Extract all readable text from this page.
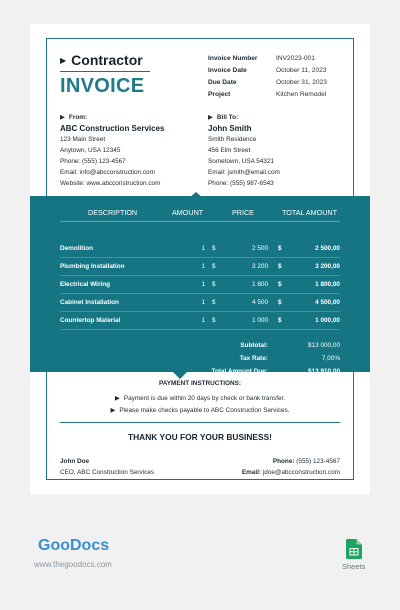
▶ Contractor
INVOICE
Invoice Number	INV2023-001
Invoice Date	October 11, 2023
Due Date	October 31, 2023
Project	Kitchen Remodel
▶ From:
ABC Construction Services
123 Main Street
Anytown, USA 12345
Phone: (555) 123-4567
Email: info@abcconstruction.com
Website: www.abcconstruction.com
▶ Bill To:
John Smith
Smith Residence
456 Elm Street
Sometown, USA 54321
Email: jsmith@email.com
Phone: (555) 987-6543
DESCRIPTION	AMOUNT	PRICE	TOTAL AMOUNT
Demolition	1 $	2 500 $	2 500,00
Plumbing Installation	1 $	3 200 $	3 200,00
Electrical Wiring	1 $	1 800 $	1 800,00
Cabinet Installation	1 $	4 500 $	4 500,00
Countertop Material	1 $	1 000 $	1 000,00
Subtotal:	$ 13 000,00
Tax Rate:	7,00%
Total Amount Due:	$ 13 910,00
PAYMENT INSTRUCTIONS:
▶ Payment is due within 20 days by check or bank transfer.
▶ Please make checks payable to ABC Construction Services.
THANK YOU FOR YOUR BUSINESS!
John Doe
CEO, ABC Construction Services
Phone: (555) 123-4567
Email: jdoe@abcconstruction.com
GooDocs
www.thegoodocs.com	Sheets
